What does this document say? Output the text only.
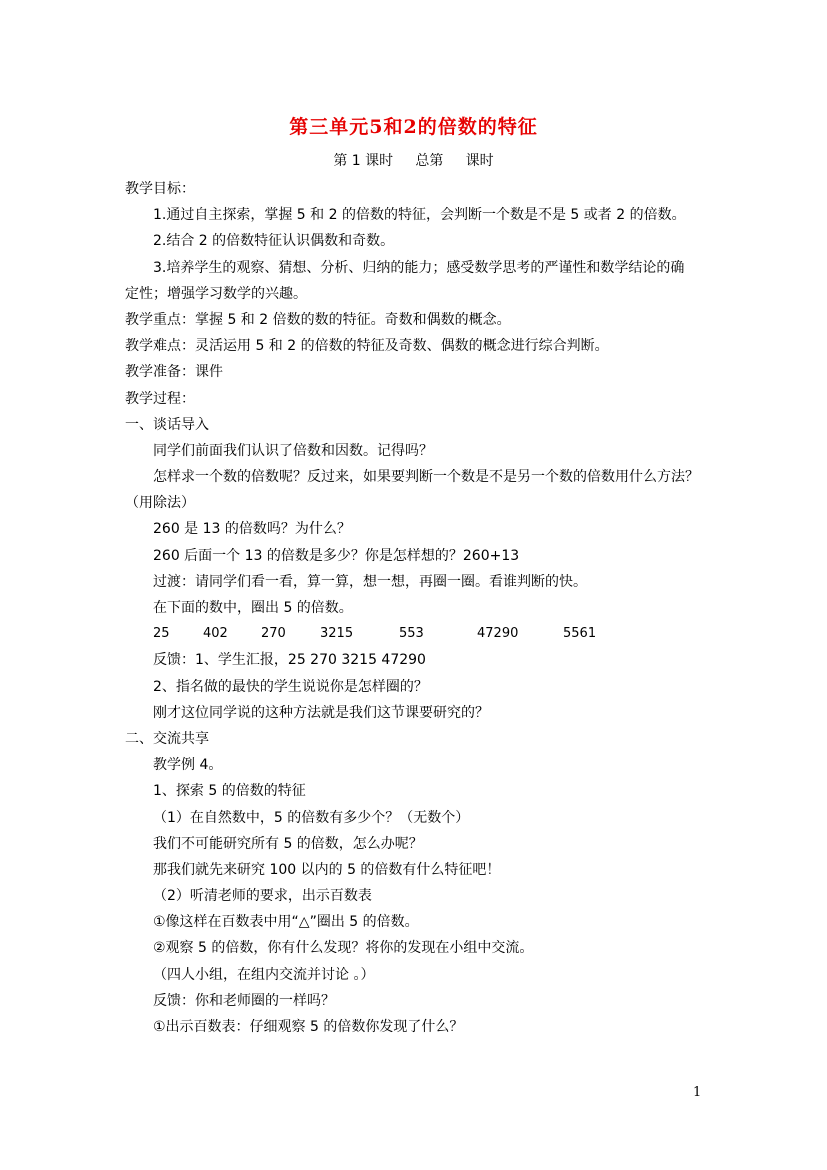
第三单元5和2的倍数的特征
第 1 课时     总第     课时
教学目标：
1.通过自主探索，掌握 5 和 2 的倍数的特征，会判断一个数是不是 5 或者 2 的倍数。
2.结合 2 的倍数特征认识偶数和奇数。
3.培养学生的观察、猜想、分析、归纳的能力；感受数学思考的严谨性和数学结论的确
定性；增强学习数学的兴趣。
教学重点：掌握 5 和 2 倍数的数的特征。奇数和偶数的概念。
教学难点：灵活运用 5 和 2 的倍数的特征及奇数、偶数的概念进行综合判断。
教学准备：课件
教学过程：
一、谈话导入
同学们前面我们认识了倍数和因数。记得吗？
怎样求一个数的倍数呢？反过来，如果要判断一个数是不是另一个数的倍数用什么方法？
（用除法）
260 是 13 的倍数吗？为什么？
260 后面一个 13 的倍数是多少？你是怎样想的？260+13
过渡：请同学们看一看，算一算，想一想，再圈一圈。看谁判断的快。
在下面的数中，圈出 5 的倍数。
25	402	270	3215	553	47290	5561
反馈：1、学生汇报，25 270 3215 47290
2、指名做的最快的学生说说你是怎样圈的？
刚才这位同学说的这种方法就是我们这节课要研究的？
二、交流共享
教学例 4。
1、探索 5 的倍数的特征
（1）在自然数中，5 的倍数有多少个？（无数个）
我们不可能研究所有 5 的倍数，怎么办呢？
那我们就先来研究 100 以内的 5 的倍数有什么特征吧！
（2）听清老师的要求，出示百数表
①像这样在百数表中用“△”圈出 5 的倍数。
②观察 5 的倍数，你有什么发现？将你的发现在小组中交流。
（四人小组，在组内交流并讨论 。）
反馈：你和老师圈的一样吗？
①出示百数表：仔细观察 5 的倍数你发现了什么？
1
